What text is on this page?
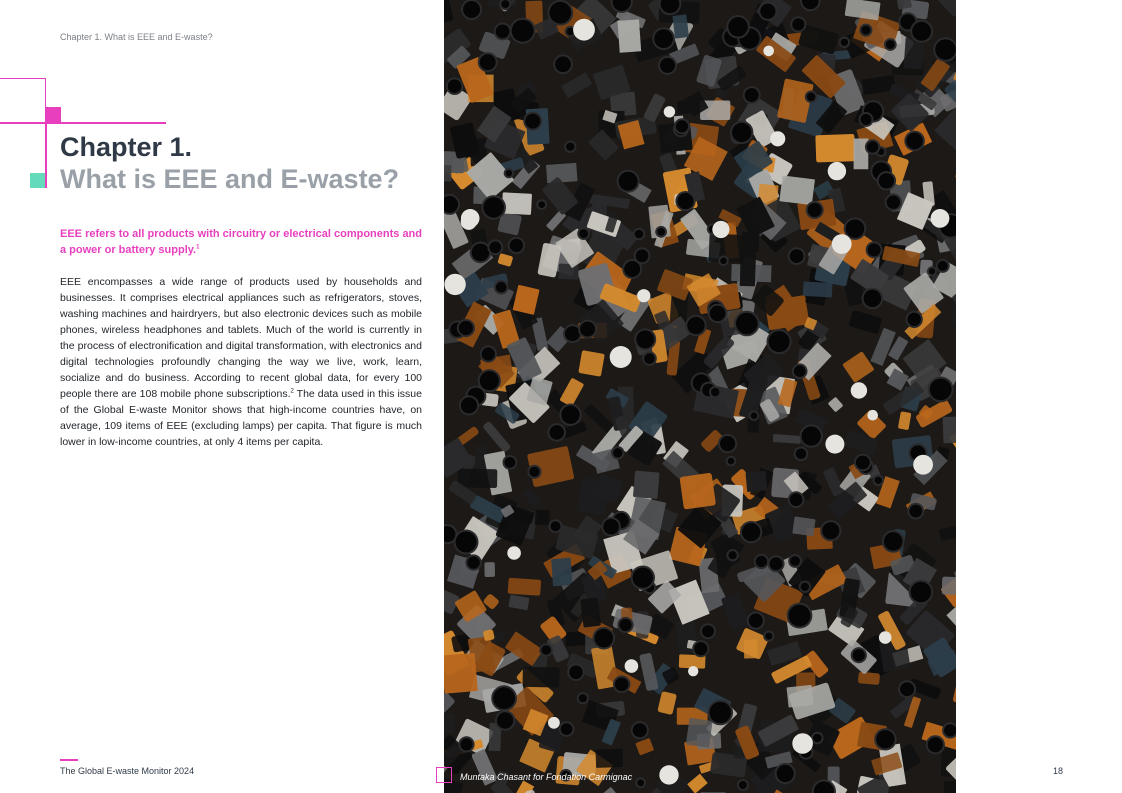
Chapter 1. What is EEE and E-waste?
Chapter 1.
What is EEE and E-waste?

EEE refers to all products with circuitry or electrical components and a power or battery supply.$^1$

EEE encompasses a wide range of products used by households and businesses. It comprises electrical appliances such as refrigerators, stoves, washing machines and hairdryers, but also electronic devices such as mobile phones, wireless headphones and tablets. Much of the world is currently in the process of electronification and digital transformation, with electronics and digital technologies profoundly changing the way we live, work, learn, socialize and do business. According to recent global data, for every 100 people there are 108 mobile phone subscriptions.$^2$ The data used in this issue of the Global E-waste Monitor shows that high-income countries have, on average, 109 items of EEE (excluding lamps) per capita. That figure is much lower in low-income countries, at only 4 items per capita.

The Global E-waste Monitor 2024
Muntaka Chasant for Fondation Carmignac
18
